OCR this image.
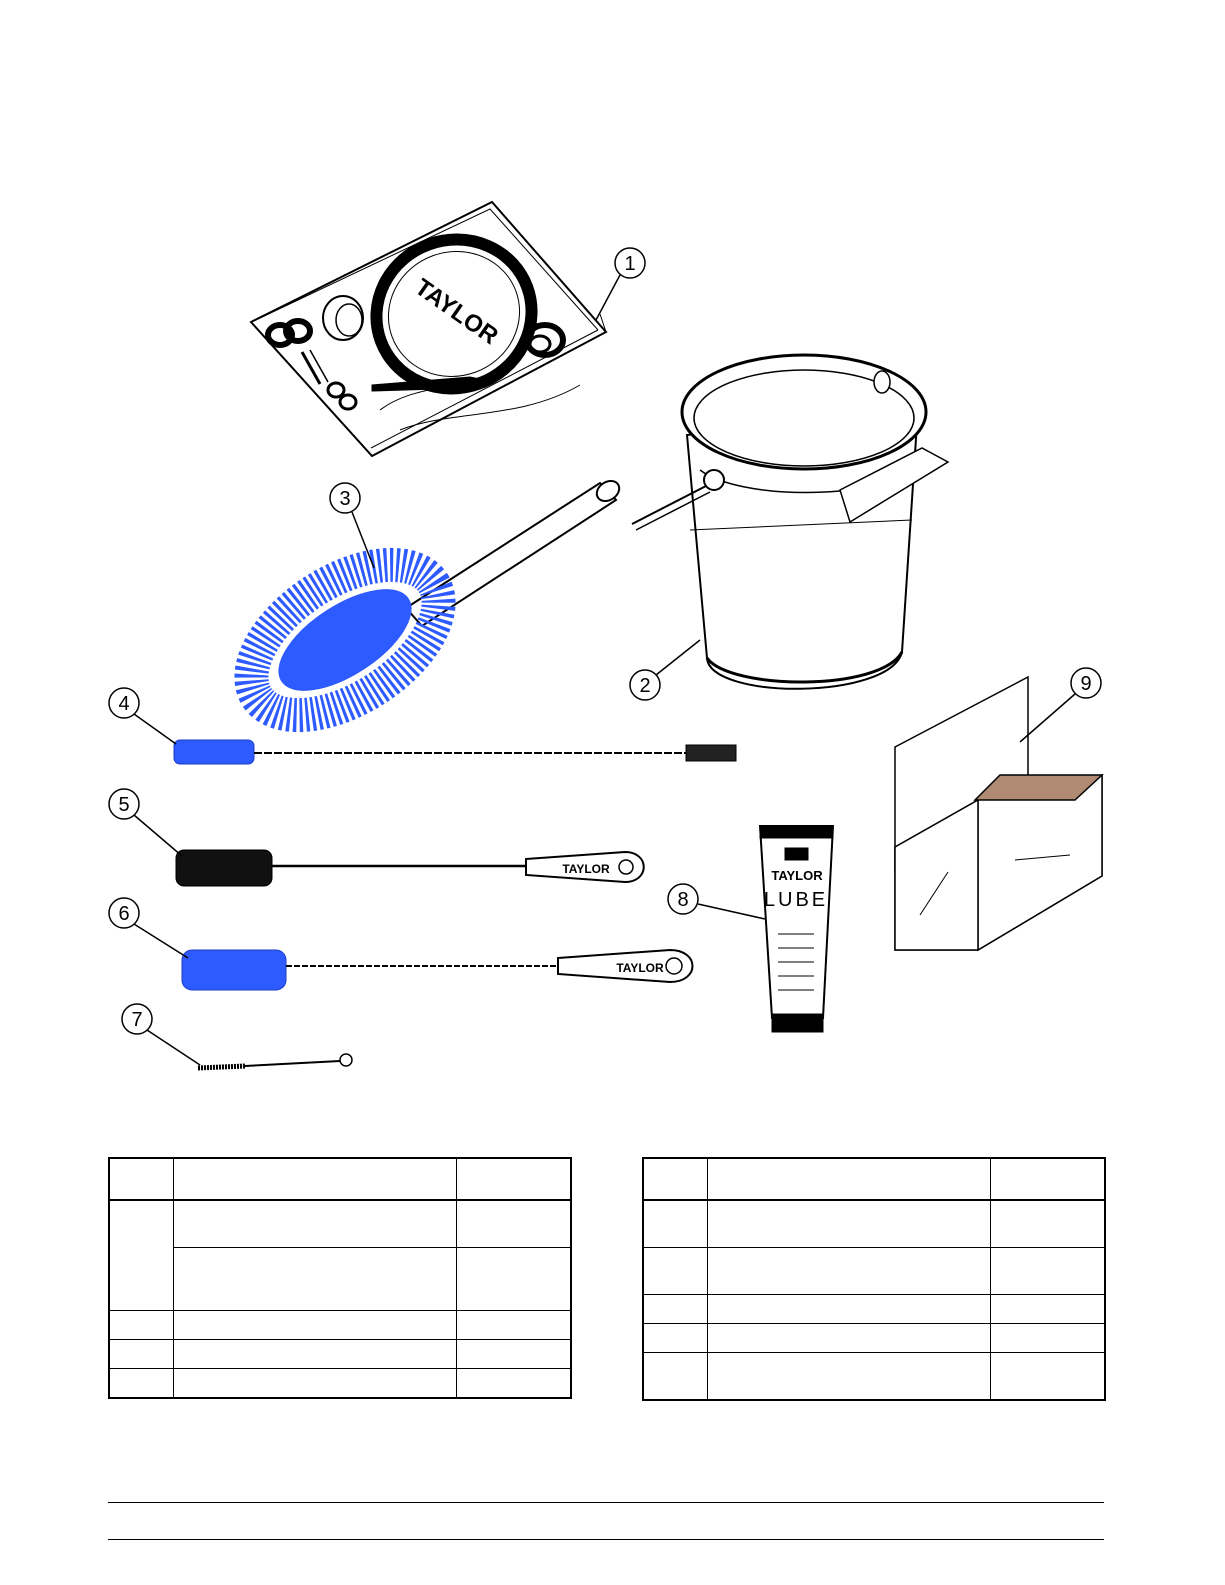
TAYLOR
TAYLOR
TAYLOR
TAYLOR
LUBE
1
2
3
4
5
6
7
8
9
